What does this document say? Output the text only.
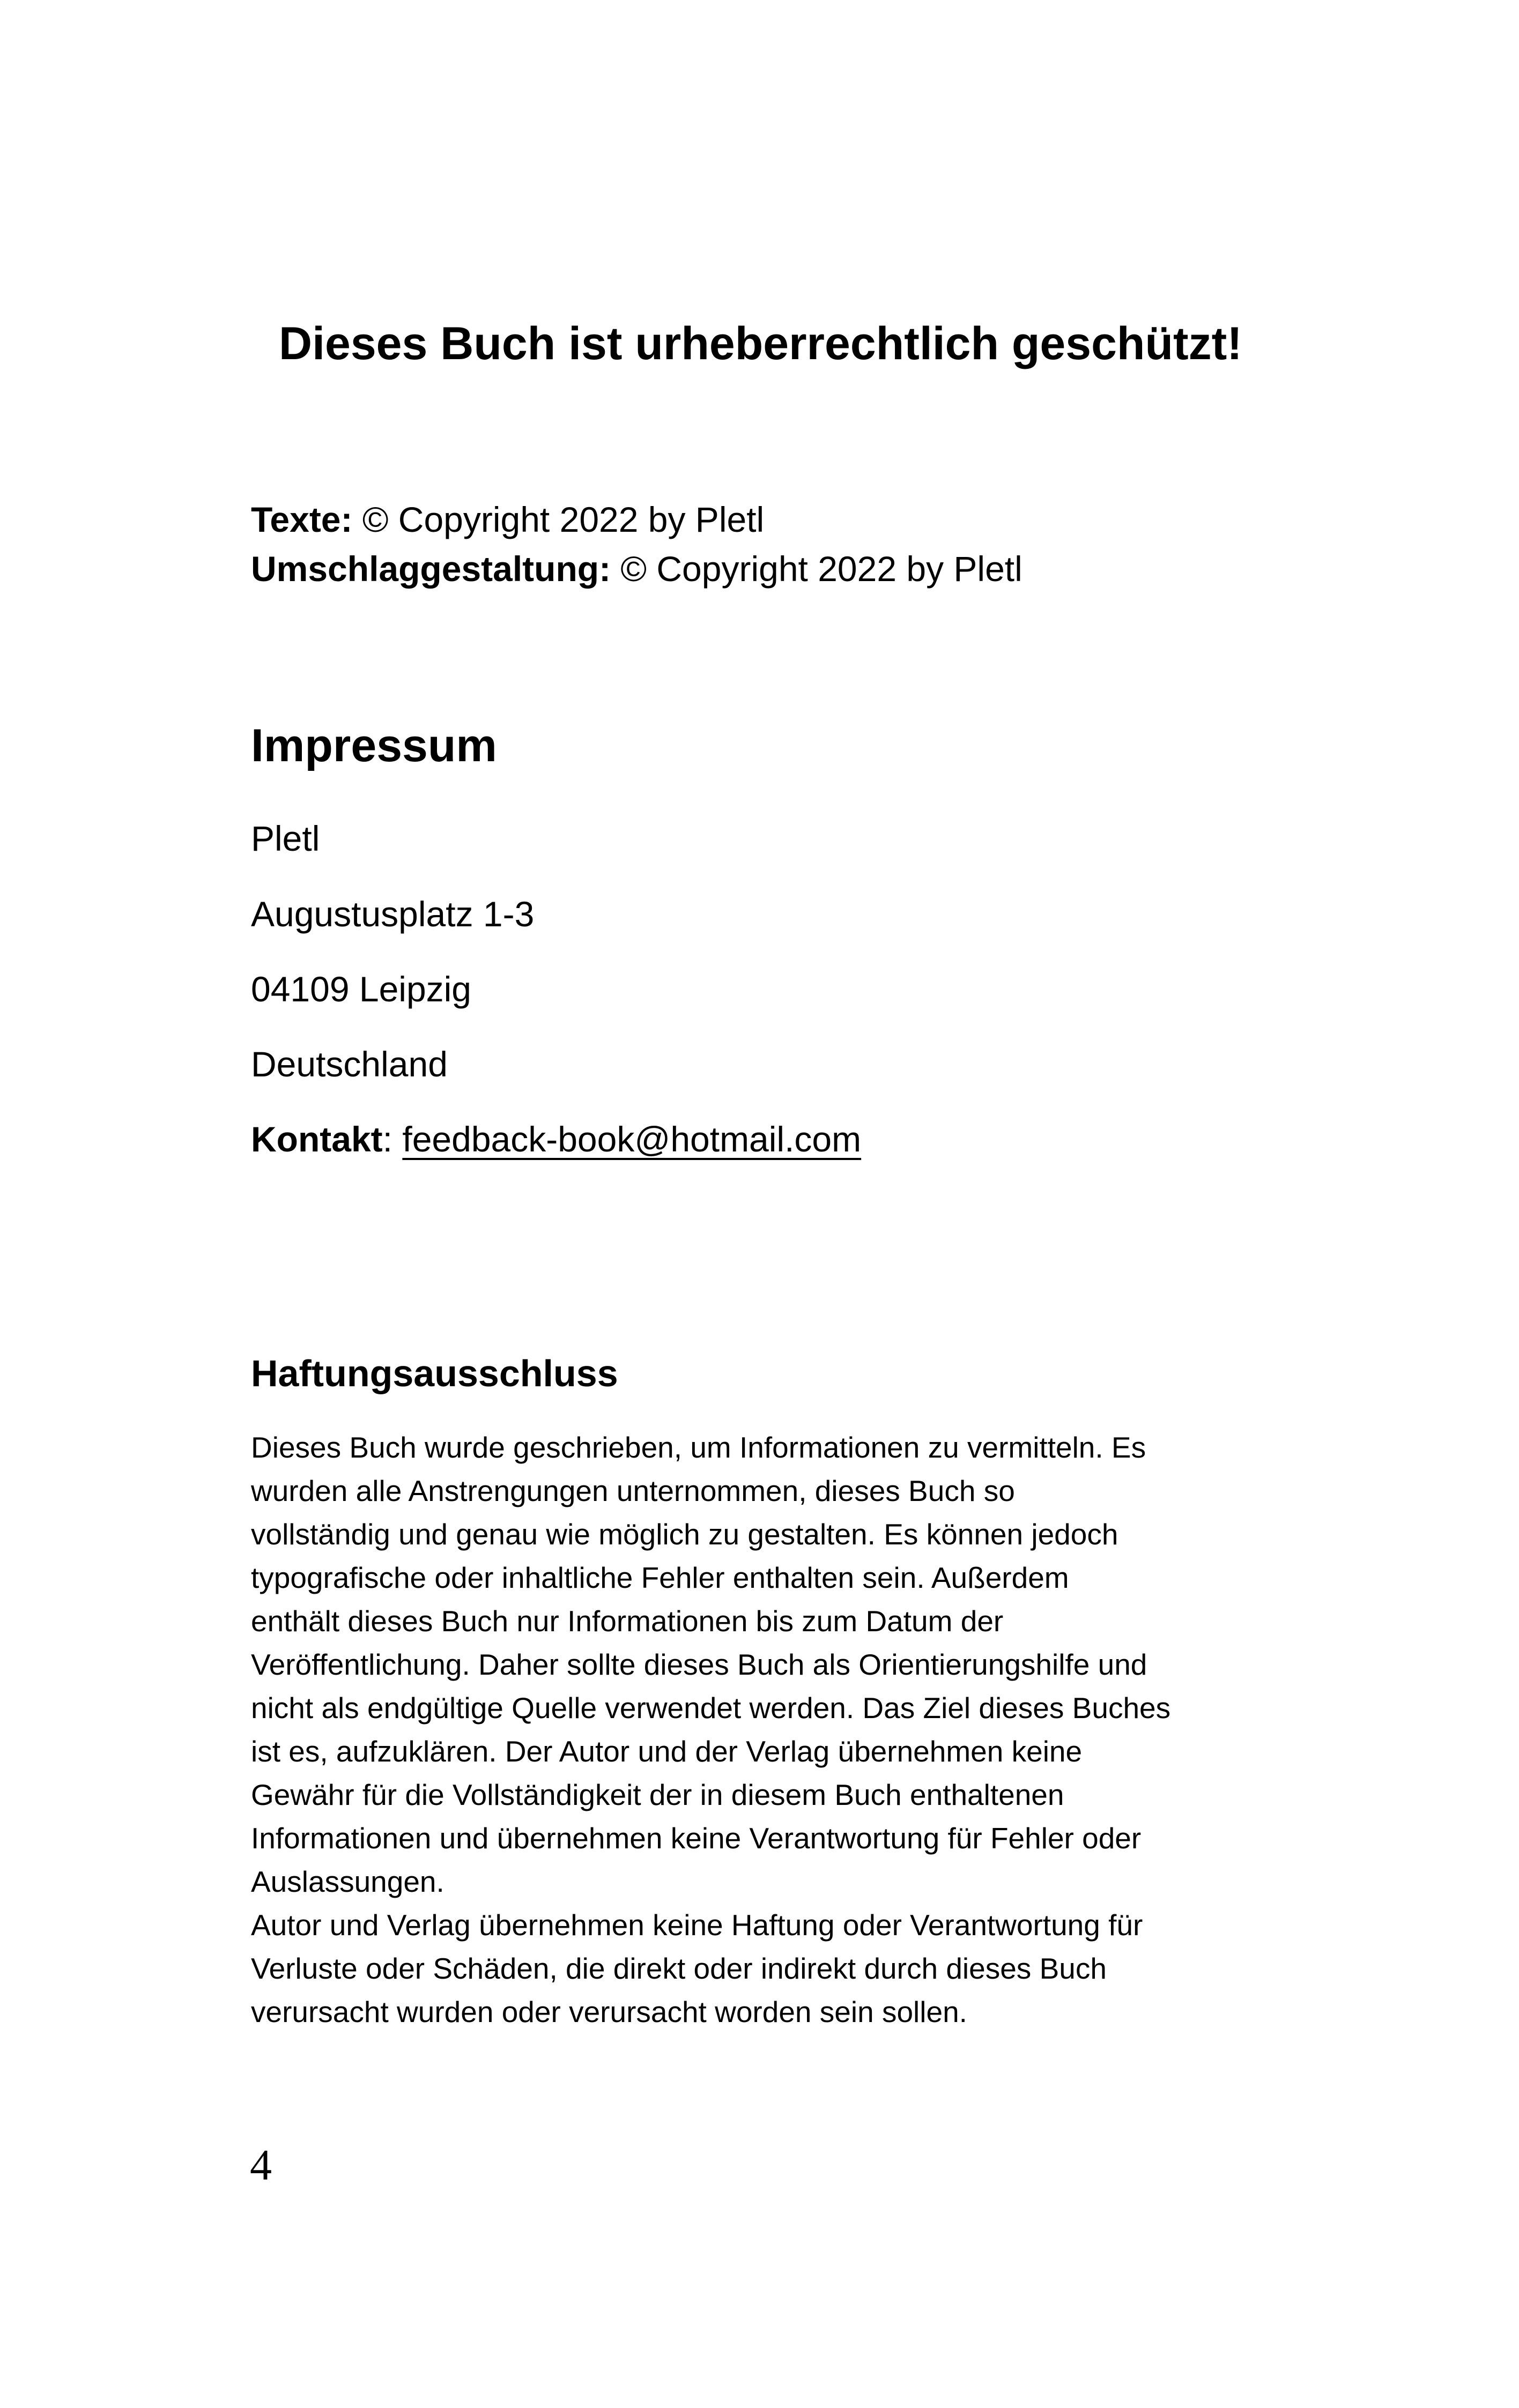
Dieses Buch ist urheberrechtlich geschützt!

Texte: © Copyright 2022 by Pletl

Umschlaggestaltung: © Copyright 2022 by Pletl

Impressum

Pletl

Augustusplatz 1-3

04109 Leipzig

Deutschland

Kontakt: feedback-book@hotmail.com

Haftungsausschluss
Dieses Buch wurde geschrieben, um Informationen zu vermitteln. Es
wurden alle Anstrengungen unternommen, dieses Buch so
vollständig und genau wie möglich zu gestalten. Es können jedoch
typografische oder inhaltliche Fehler enthalten sein. Außerdem
enthält dieses Buch nur Informationen bis zum Datum der
Veröffentlichung. Daher sollte dieses Buch als Orientierungshilfe und
nicht als endgültige Quelle verwendet werden. Das Ziel dieses Buches
ist es, aufzuklären. Der Autor und der Verlag übernehmen keine
Gewähr für die Vollständigkeit der in diesem Buch enthaltenen
Informationen und übernehmen keine Verantwortung für Fehler oder
Auslassungen.
Autor und Verlag übernehmen keine Haftung oder Verantwortung für
Verluste oder Schäden, die direkt oder indirekt durch dieses Buch
verursacht wurden oder verursacht worden sein sollen.
4
